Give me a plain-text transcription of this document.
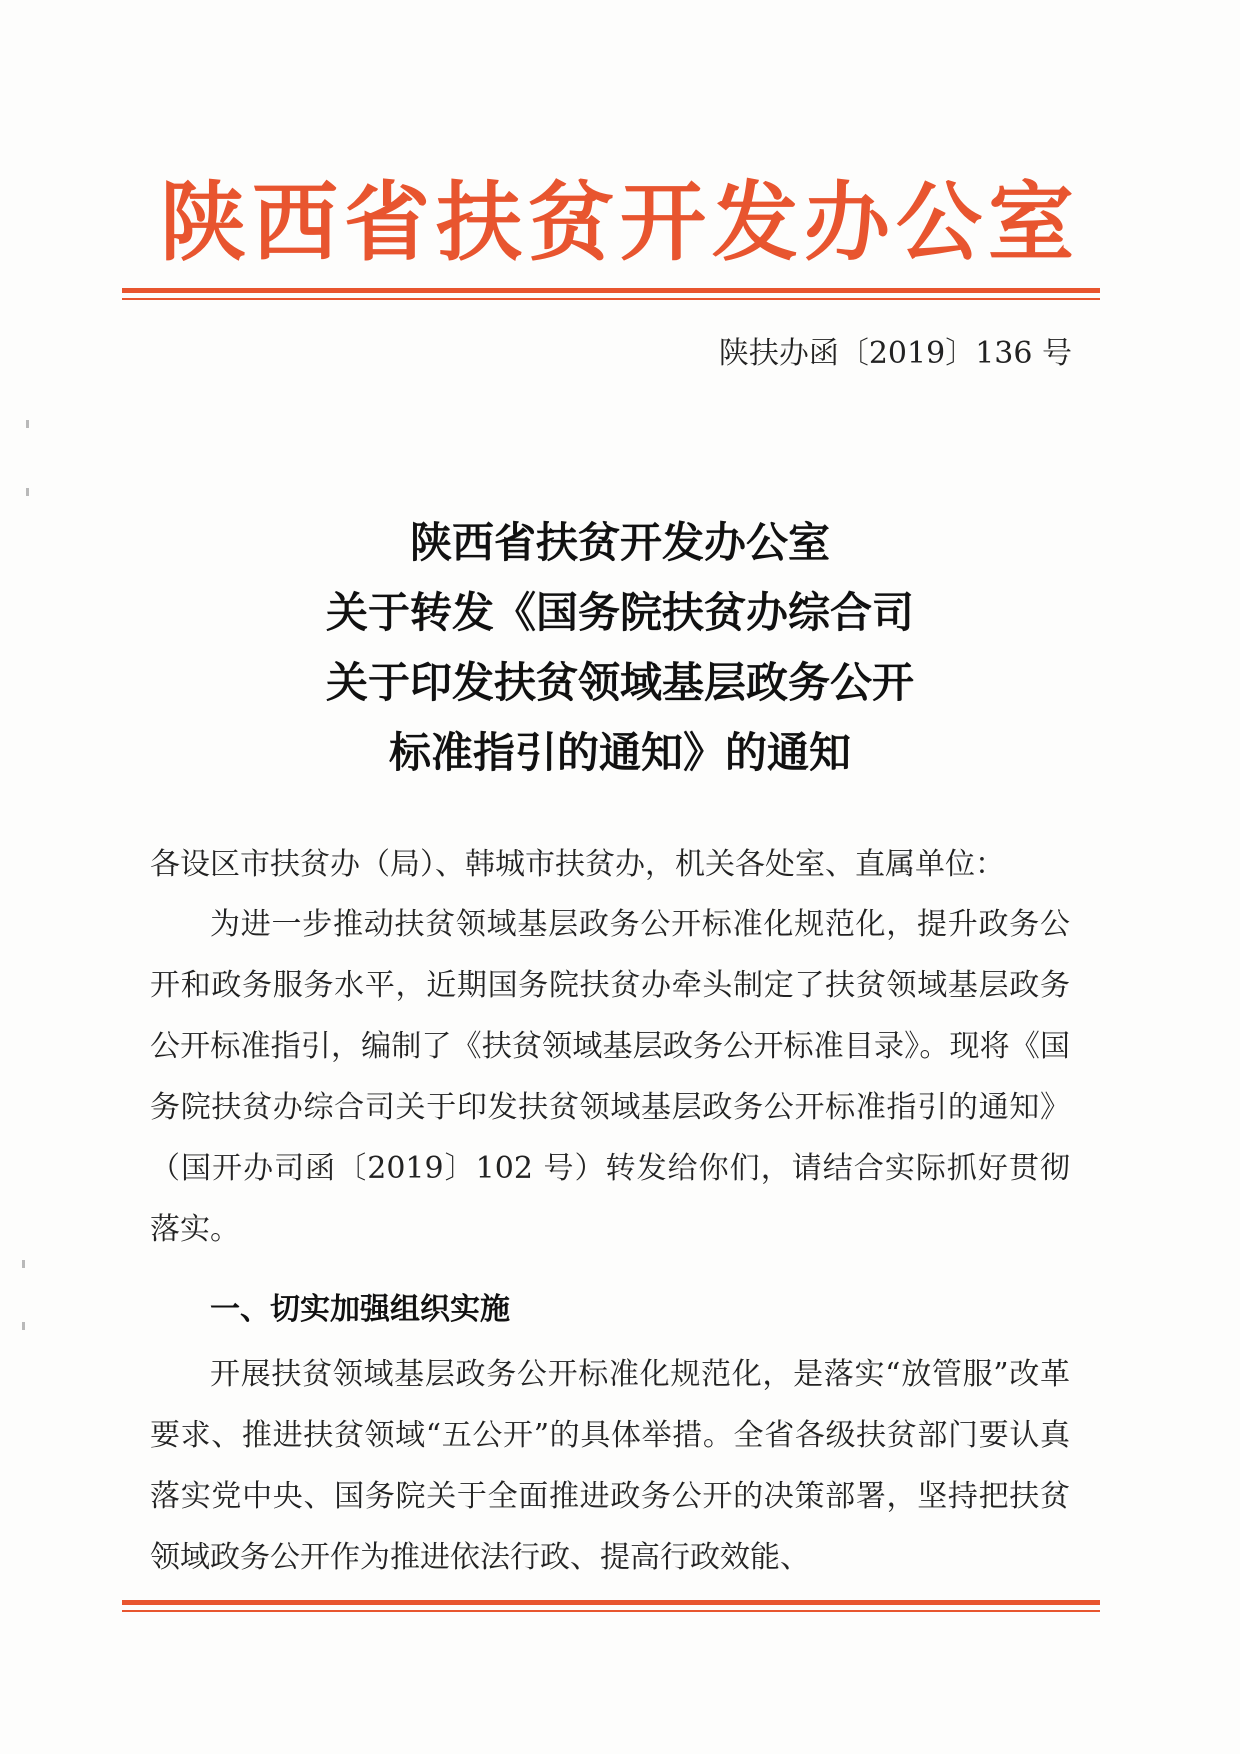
陕西省扶贫开发办公室
陕扶办函〔2019〕136 号
陕西省扶贫开发办公室
关于转发《国务院扶贫办综合司
关于印发扶贫领域基层政务公开
标准指引的通知》的通知
各设区市扶贫办（局）、韩城市扶贫办，机关各处室、直属单位：
为进一步推动扶贫领域基层政务公开标准化规范化，提升政务公开和政务服务水平，近期国务院扶贫办牵头制定了扶贫领域基层政务公开标准指引，编制了《扶贫领域基层政务公开标准目录》。现将《国务院扶贫办综合司关于印发扶贫领域基层政务公开标准指引的通知》（国开办司函〔2019〕102 号）转发给你们，请结合实际抓好贯彻落实。
一、切实加强组织实施
开展扶贫领域基层政务公开标准化规范化，是落实“放管服”改革要求、推进扶贫领域“五公开”的具体举措。全省各级扶贫部门要认真落实党中央、国务院关于全面推进政务公开的决策部署，坚持把扶贫领域政务公开作为推进依法行政、提高行政效能、
